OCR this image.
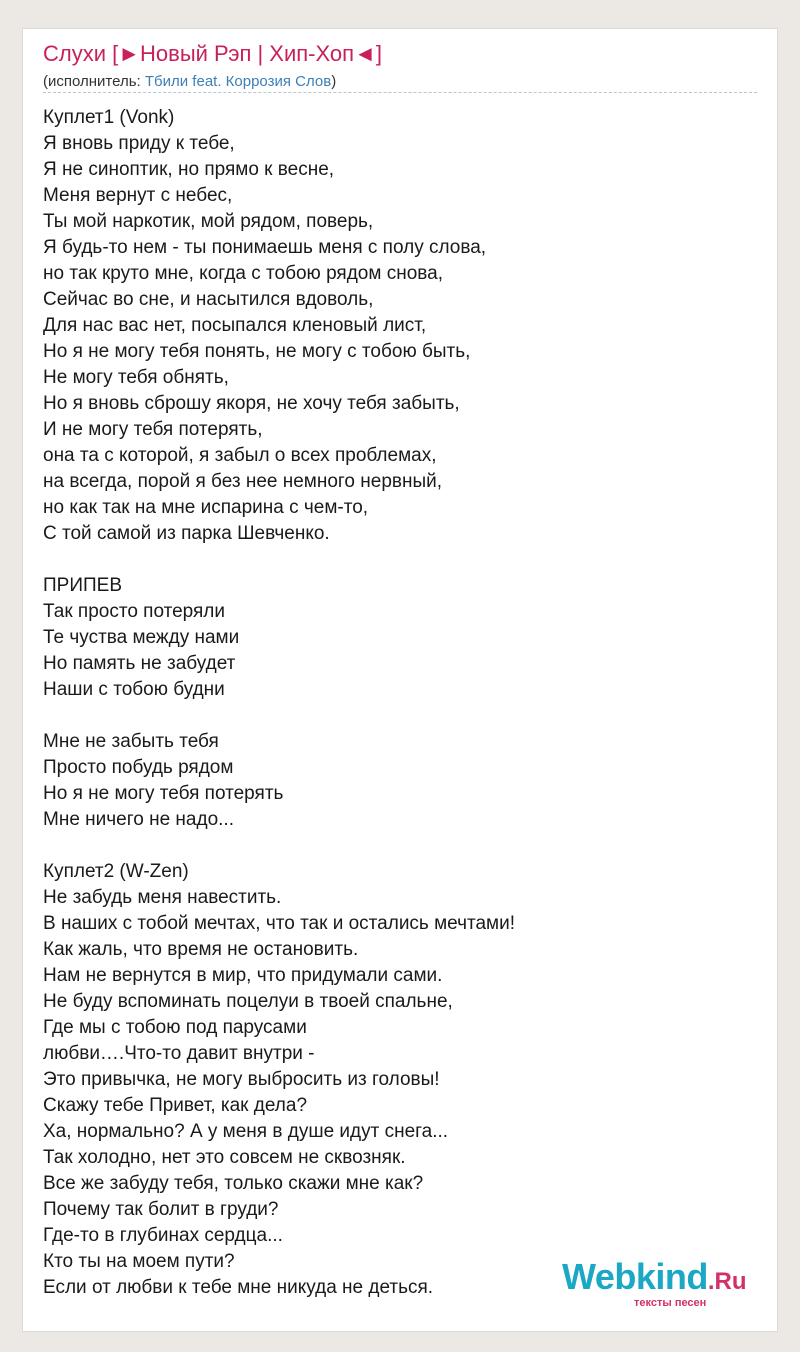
Слухи [►Новый Рэп | Хип-Хоп◄]
(исполнитель: Тбили feat. Коррозия Слов)
Куплет1 (Vonk)
Я вновь приду к тебе,
Я не синоптик, но прямо к весне,
Меня вернут с небес,
Ты мой наркотик, мой рядом, поверь,
Я будь-то нем - ты понимаешь меня с полу слова,
но так круто мне, когда с тобою рядом снова,
Сейчас во сне, и насытился вдоволь,
Для нас вас нет, посыпался кленовый лист,
Но я не могу тебя понять, не могу с тобою быть,
Не могу тебя обнять,
Но я вновь сброшу якоря, не хочу тебя забыть,
И не могу тебя потерять,
она та с которой, я забыл о всех проблемах,
на всегда, порой я без нее немного нервный,
но как так на мне испарина с чем-то,
С той самой из парка Шевченко.
ПРИПЕВ
Так просто потеряли
Те чуства между нами
Но память не забудет
Наши с тобою будни
Мне не забыть тебя
Просто побудь рядом
Но я не могу тебя потерять
Мне ничего не надо...
Куплет2 (W-Zen)
Не забудь меня навестить.
В наших с тобой мечтах, что так и остались мечтами!
Как жаль, что время не остановить.
Нам не вернутся в мир, что придумали сами.
Не буду вспоминать поцелуи в твоей спальне,
Где мы с тобою под парусами
любви….Что-то давит внутри -
Это привычка, не могу выбросить из головы!
Скажу тебе Привет, как дела?
Ха, нормально? А у меня в душе идут снега...
Так холодно, нет это совсем не сквозняк.
Все же забуду тебя, только скажи мне как?
Почему так болит в груди?
Где-то в глубинах сердца...
Кто ты на моем пути?
Если от любви к тебе мне никуда не деться.	Webkind.Ru
тексты песен
